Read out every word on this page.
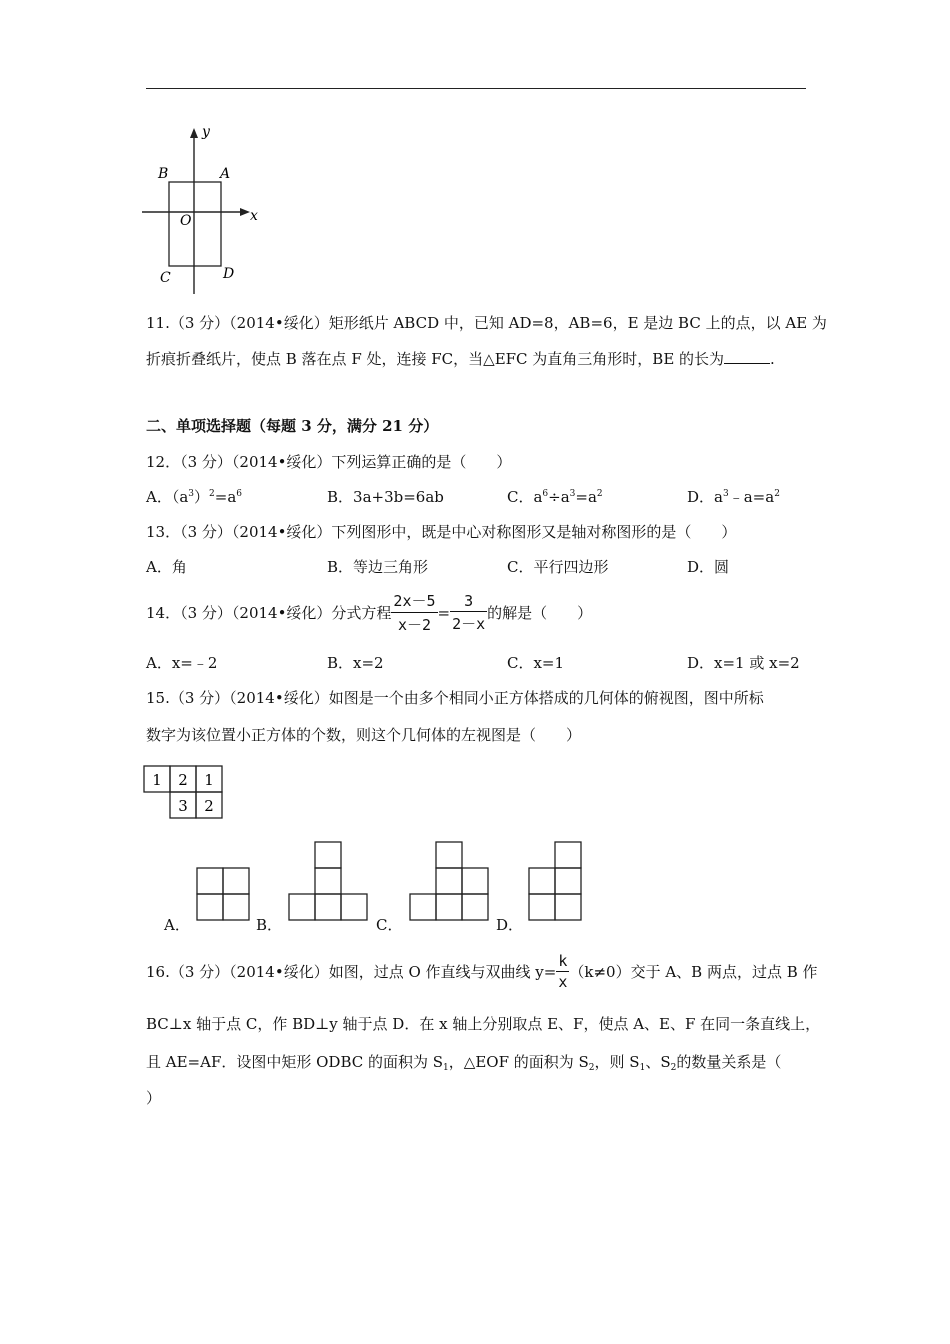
y
x
B	A
O
C	D
11.（3 分）（2014•绥化）矩形纸片 ABCD 中，已知 AD=8，AB=6，E 是边 BC 上的点，以 AE 为
折痕折叠纸片，使点 B 落在点 F 处，连接 FC，当△EFC 为直角三角形时，BE 的长为	.
二、单项选择题（每题 3 分，满分 21 分）
12．（3 分）（2014•绥化）下列运算正确的是（　　）
A．$(a^3)^2=a^6$	B．3a+3b=6ab	C．$a^6\div a^3=a^2$	D．$a^3﹣a=a^2$
13．（3 分）（2014•绥化）下列图形中，既是中心对称图形又是轴对称图形的是（　　）
A．角	B．等边三角形	C．平行四边形	D．圆
14．（3 分）（2014•绥化）分式方程 $\frac{2x-5}{x-2} = \frac{3}{2-x}$ 的解是（　　）
A．x=﹣2	B．x=2	C．x=1	D．x=1 或 x=2
15.（3 分）（2014•绥化）如图是一个由多个相同小正方体搭成的几何体的俯视图，图中所标
数字为该位置小正方体的个数，则这个几何体的左视图是（　　）
1 2 1
3 2
A．	B．	C．	D．
16.（3 分）（2014•绥化）如图，过点 O 作直线与双曲线 $y= \frac{k}{x} (k\ne 0)$交于 A、B 两点，过点 B 作
BC⊥x 轴于点 C，作 BD⊥y 轴于点 D．在 x 轴上分别取点 E、F，使点 A、E、F 在同一条直线上，
且 AE=AF．设图中矩形 ODBC 的面积为 $S_1$，△EOF 的面积为 $S_2$，则 $S_1$、$S_2$的数量关系是（
）
